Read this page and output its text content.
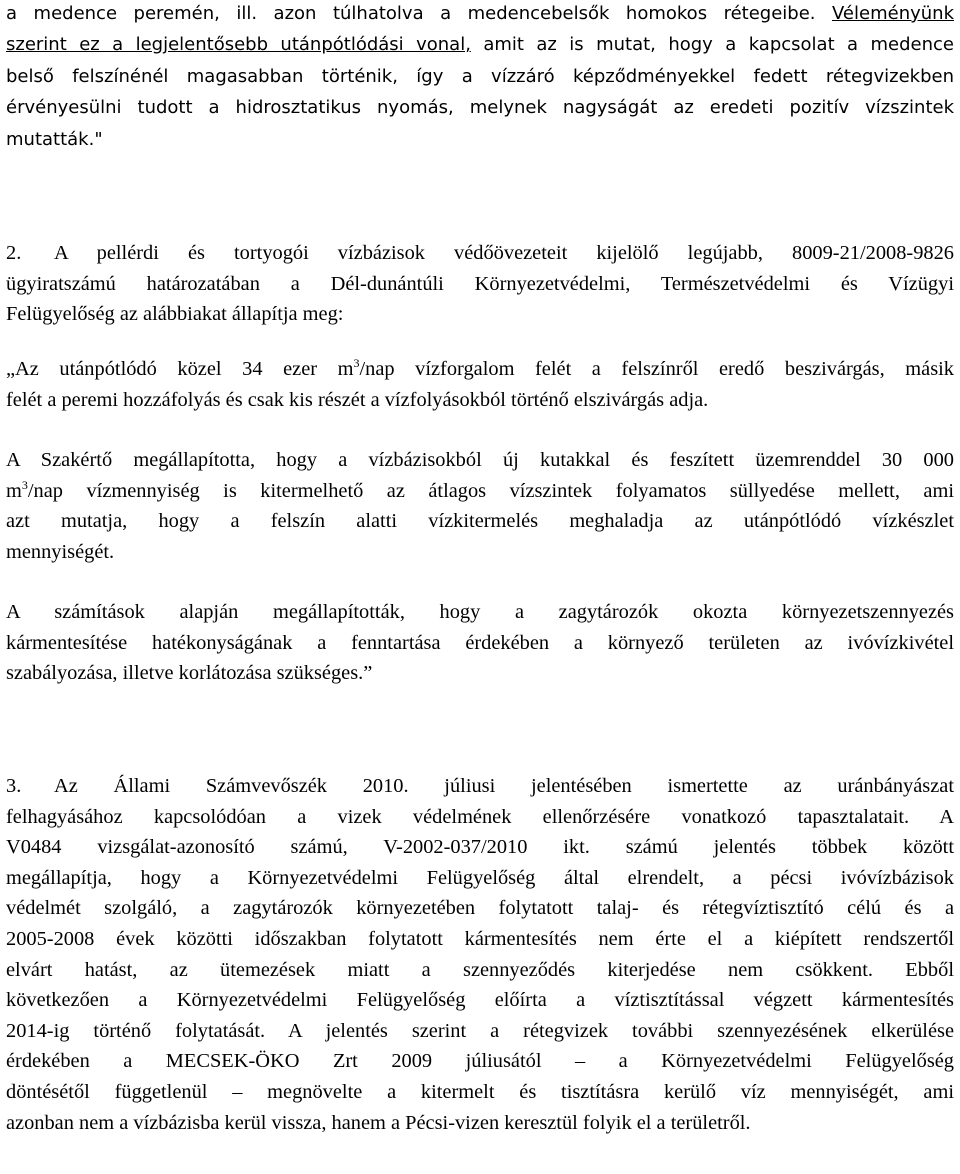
a medence peremén, ill. azon túlhatolva a medencebelsők homokos rétegeibe. Véleményünk
szerint ez a legjelentősebb utánpótlódási vonal, amit az is mutat, hogy a kapcsolat a medence
belső felszínénél magasabban történik, így a vízzáró képződményekkel fedett rétegvizekben
érvényesülni tudott a hidrosztatikus nyomás, melynek nagyságát az eredeti pozitív vízszintek
mutatták."
2. A pellérdi és tortyogói vízbázisok védőövezeteit kijelölő legújabb, 8009-21/2008-9826
ügyiratszámú határozatában a Dél-dunántúli Környezetvédelmi, Természetvédelmi és Vízügyi
Felügyelőség az alábbiakat állapítja meg:
„Az utánpótlódó közel 34 ezer $m^3$/nap vízforgalom felét a felszínről eredő beszivárgás, másik
felét a peremi hozzáfolyás és csak kis részét a vízfolyásokból történő elszivárgás adja.
A Szakértő megállapította, hogy a vízbázisokból új kutakkal és feszített üzemrenddel 30 000
$m^3$/nap vízmennyiség is kitermelhető az átlagos vízszintek folyamatos süllyedése mellett, ami
azt mutatja, hogy a felszín alatti vízkitermelés meghaladja az utánpótlódó vízkészlet
mennyiségét.
A számítások alapján megállapították, hogy a zagytározók okozta környezetszennyezés
kármentesítése hatékonyságának a fenntartása érdekében a környező területen az ivóvízkivétel
szabályozása, illetve korlátozása szükséges.”
3. Az Állami Számvevőszék 2010. júliusi jelentésében ismertette az uránbányászat
felhagyásához kapcsolódóan a vizek védelmének ellenőrzésére vonatkozó tapasztalatait. A
V0484 vizsgálat-azonosító számú, V-2002-037/2010 ikt. számú jelentés többek között
megállapítja, hogy a Környezetvédelmi Felügyelőség által elrendelt, a pécsi ivóvízbázisok
védelmét szolgáló, a zagytározók környezetében folytatott talaj- és rétegvíztisztító célú és a
2005-2008 évek közötti időszakban folytatott kármentesítés nem érte el a kiépített rendszertől
elvárt hatást, az ütemezések miatt a szennyeződés kiterjedése nem csökkent. Ebből
következően a Környezetvédelmi Felügyelőség előírta a víztisztítással végzett kármentesítés
2014-ig történő folytatását. A jelentés szerint a rétegvizek további szennyezésének elkerülése
érdekében a MECSEK-ÖKO Zrt 2009 júliusától – a Környezetvédelmi Felügyelőség
döntésétől függetlenül – megnövelte a kitermelt és tisztításra kerülő víz mennyiségét, ami
azonban nem a vízbázisba kerül vissza, hanem a Pécsi-vizen keresztül folyik el a területről.
